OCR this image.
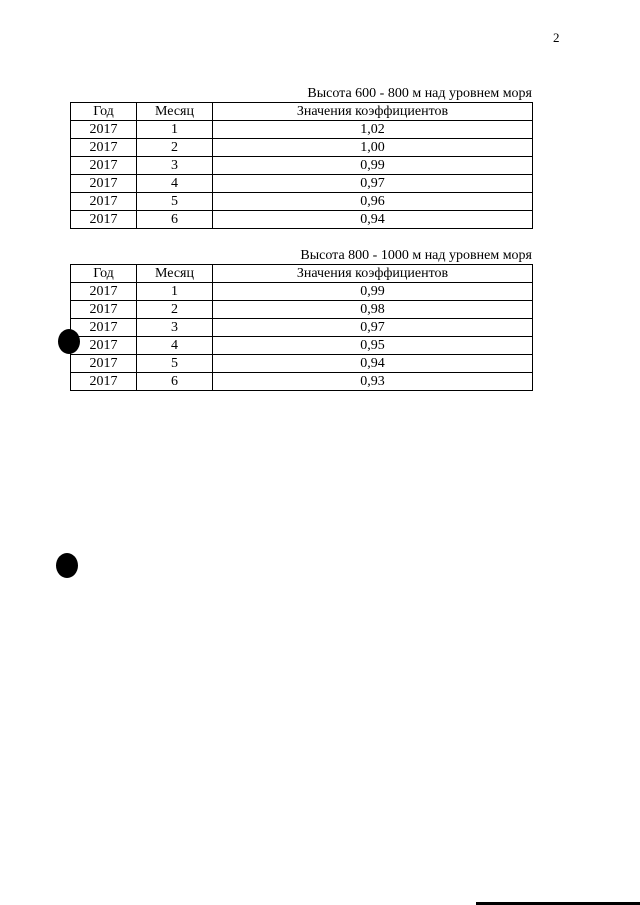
2
Высота 600 - 800 м над уровнем моря
Год	Месяц	Значения коэффициентов
2017	1	1,02
2017	2	1,00
2017	3	0,99
2017	4	0,97
2017	5	0,96
2017	6	0,94
Высота 800 - 1000 м над уровнем моря
Год	Месяц	Значения коэффициентов
2017	1	0,99
2017	2	0,98
2017	3	0,97
2017	4	0,95
2017	5	0,94
2017	6	0,93
